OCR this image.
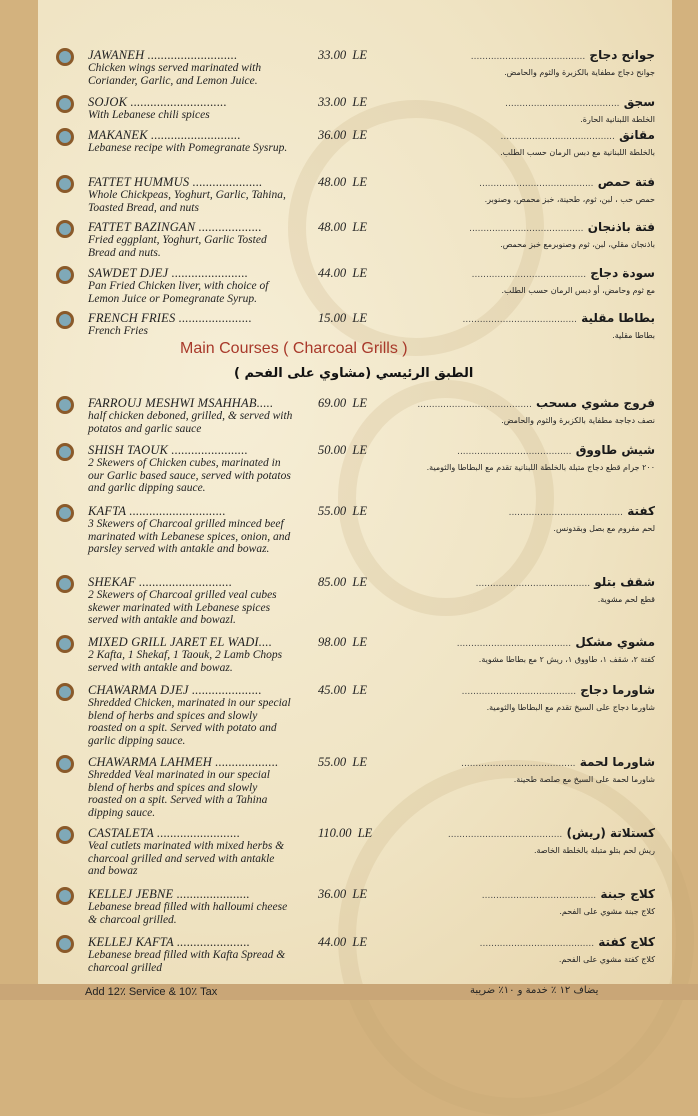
JAWANEH ...........................
Chicken wings served marinated with Coriander, Garlic, and Lemon Juice.
33.00 LE	جوانح دجاج ........................................
جوانح دجاج مطفاية بالكزبرة والثوم والحامض.
SOJOK .............................
With Lebanese chili spices
33.00 LE	سجق ........................................
الخلطة اللبنانية الحارة.
MAKANEK ...........................
Lebanese recipe with Pomegranate Sysrup.
36.00 LE	مقانق ........................................
بالخلطة اللبنانية مع دبس الرمان حسب الطلب.
FATTET HUMMUS .....................
Whole Chickpeas, Yoghurt, Garlic, Tahina, Toasted Bread, and nuts
48.00 LE	فتة حمص ........................................
حمص حب ، لبن، ثوم، طحينة، خبز محمص، وصنوبر.
FATTET BAZINGAN ...................
Fried eggplant, Yoghurt, Garlic Tosted Bread and nuts.
48.00 LE	فتة باذنجان ........................................
باذنجان مقلي، لبن، ثوم وصنوبرمع خبز محمص.
SAWDET DJEJ .......................
Pan Fried Chicken liver, with choice of Lemon Juice or Pomegranate Syrup.
44.00 LE	سودة دجاج ........................................
مع ثوم وحامض، أو دبس الرمان حسب الطلب.
FRENCH FRIES ......................
French Fries
15.00 LE	بطاطا مقلية ........................................
بطاطا مقلية.
FARROUJ MESHWI MSAHHAB.....
half chicken deboned, grilled, & served with potatos and garlic sauce
69.00 LE	فروج مشوي مسحب ........................................
نصف دجاجة مطفاية بالكزبرة والثوم والحامض.
SHISH TAOUK .......................
2 Skewers of Chicken cubes, marinated in our Garlic based sauce, served with potatos and garlic dipping sauce.
50.00 LE	شيش طاووق ........................................
٢٠٠ جرام قطع دجاج متبلة بالخلطة اللبنانية تقدم مع البطاطا والثومية.
KAFTA .............................
3 Skewers of Charcoal grilled minced beef marinated with Lebanese spices, onion, and parsley served with antakle and bowaz.
55.00 LE	كفتة ........................................
لحم مفروم مع بصل وبقدونس.
SHEKAF ............................
2 Skewers of Charcoal grilled veal cubes skewer marinated with Lebanese spices served with antakle and bowazl.
85.00 LE	شقف بتلو ........................................
قطع لحم مشوية.
MIXED GRILL JARET EL WADI....
2 Kafta, 1 Shekaf, 1 Taouk, 2 Lamb Chops served with antakle and bowaz.
98.00 LE	مشوي مشكل ........................................
كفتة ٢، شقف ١، طاووق ١، ريش ٢ مع بطاطا مشوية.
CHAWARMA DJEJ .....................
Shredded Chicken, marinated in our special blend of herbs and spices and slowly roasted on a spit. Served with potato and garlic dipping sauce.
45.00 LE	شاورما دجاج ........................................
شاورما دجاج على السيخ تقدم مع البطاطا والثومية.
CHAWARMA LAHMEH ...................
Shredded Veal marinated in our special blend of herbs and spices and slowly roasted on a spit. Served with a Tahina dipping sauce.
55.00 LE	شاورما لحمة ........................................
شاورما لحمة على السيخ مع صلصة طحينة.
CASTALETA .........................
Veal cutlets marinated with mixed herbs & charcoal grilled and served with antakle and bowaz
110.00 LE	كستلاتة (ريش) ........................................
ريش لحم بتلو متبلة بالخلطة الخاصة.
KELLEJ JEBNE ......................
Lebanese bread filled with halloumi cheese & charcoal grilled.
36.00 LE	كلاج جبنة ........................................
كلاج جبنة مشوي على الفحم.
KELLEJ KAFTA ......................
Lebanese bread filled with Kafta Spread & charcoal grilled
44.00 LE	كلاج كفتة ........................................
كلاج كفتة مشوي على الفحم.
Main Courses ( Charcoal Grills )
الطبق الرئيسي (مشاوي على الفحم )
Add 12٪ Service & 10٪ Tax	يضاف ١٢ ٪ خدمة و ١٠٪ ضريبة
